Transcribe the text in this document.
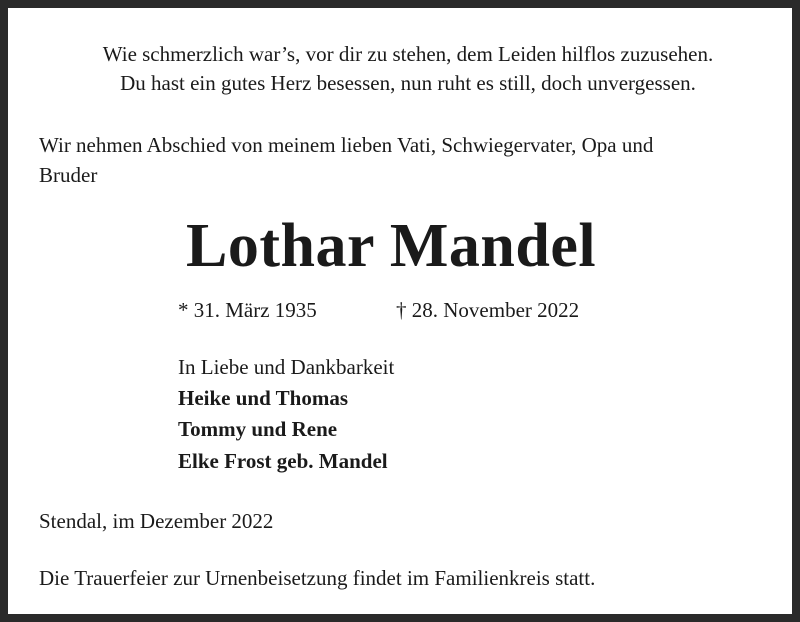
Wie schmerzlich war’s, vor dir zu stehen, dem Leiden hilflos zuzusehen.
Du hast ein gutes Herz besessen, nun ruht es still, doch unvergessen.
Wir nehmen Abschied von meinem lieben Vati, Schwiegervater, Opa und
Bruder
Lothar Mandel
* 31. März 1935	† 28. November 2022
In Liebe und Dankbarkeit
Heike und Thomas
Tommy und Rene
Elke Frost geb. Mandel
Stendal, im Dezember 2022
Die Trauerfeier zur Urnenbeisetzung findet im Familienkreis statt.
